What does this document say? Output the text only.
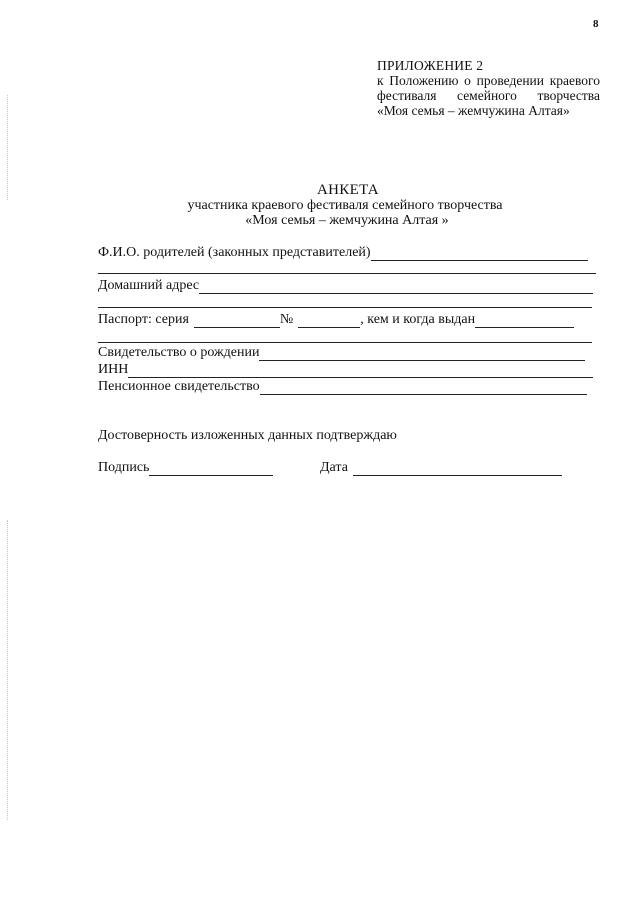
8
ПРИЛОЖЕНИЕ 2
к Положению о проведении краевого фестиваля семейного творчества «Моя семья – жемчужина Алтая»
АНКЕТА
участника краевого фестиваля семейного творчества
«Моя семья – жемчужина Алтая »
Ф.И.О. родителей (законных представителей)
Домашний адрес
Паспорт: серия	№	, кем и когда выдан
Свидетельство о рождении
ИНН
Пенсионное свидетельство
Достоверность изложенных данных подтверждаю
Подпись	Дата
